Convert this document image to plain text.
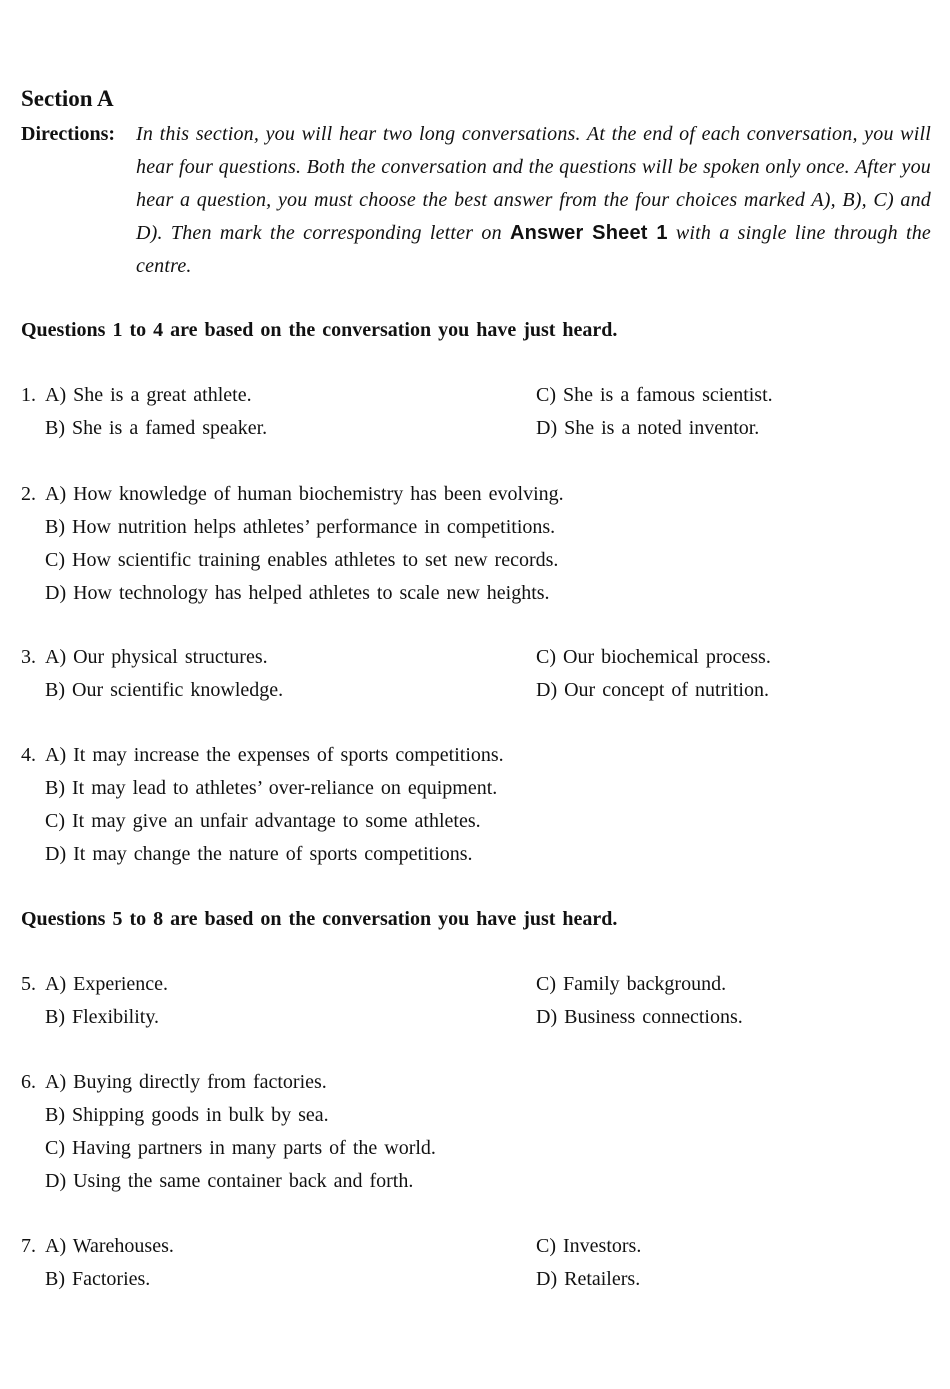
Section A
Directions: In this section, you will hear two long conversations. At the end of each conversation, you will hear four questions. Both the conversation and the questions will be spoken only once. After you hear a question, you must choose the best answer from the four choices marked A), B), C) and D). Then mark the corresponding letter on Answer Sheet 1 with a single line through the centre.
Questions 1 to 4 are based on the conversation you have just heard.
1. A) She is a great athlete.
B) She is a famed speaker.
C) She is a famous scientist.
D) She is a noted inventor.
2. A) How knowledge of human biochemistry has been evolving.
B) How nutrition helps athletes’ performance in competitions.
C) How scientific training enables athletes to set new records.
D) How technology has helped athletes to scale new heights.
3. A) Our physical structures.
B) Our scientific knowledge.
C) Our biochemical process.
D) Our concept of nutrition.
4. A) It may increase the expenses of sports competitions.
B) It may lead to athletes’ over-reliance on equipment.
C) It may give an unfair advantage to some athletes.
D) It may change the nature of sports competitions.
Questions 5 to 8 are based on the conversation you have just heard.
5. A) Experience.
B) Flexibility.
C) Family background.
D) Business connections.
6. A) Buying directly from factories.
B) Shipping goods in bulk by sea.
C) Having partners in many parts of the world.
D) Using the same container back and forth.
7. A) Warehouses.
B) Factories.
C) Investors.
D) Retailers.
